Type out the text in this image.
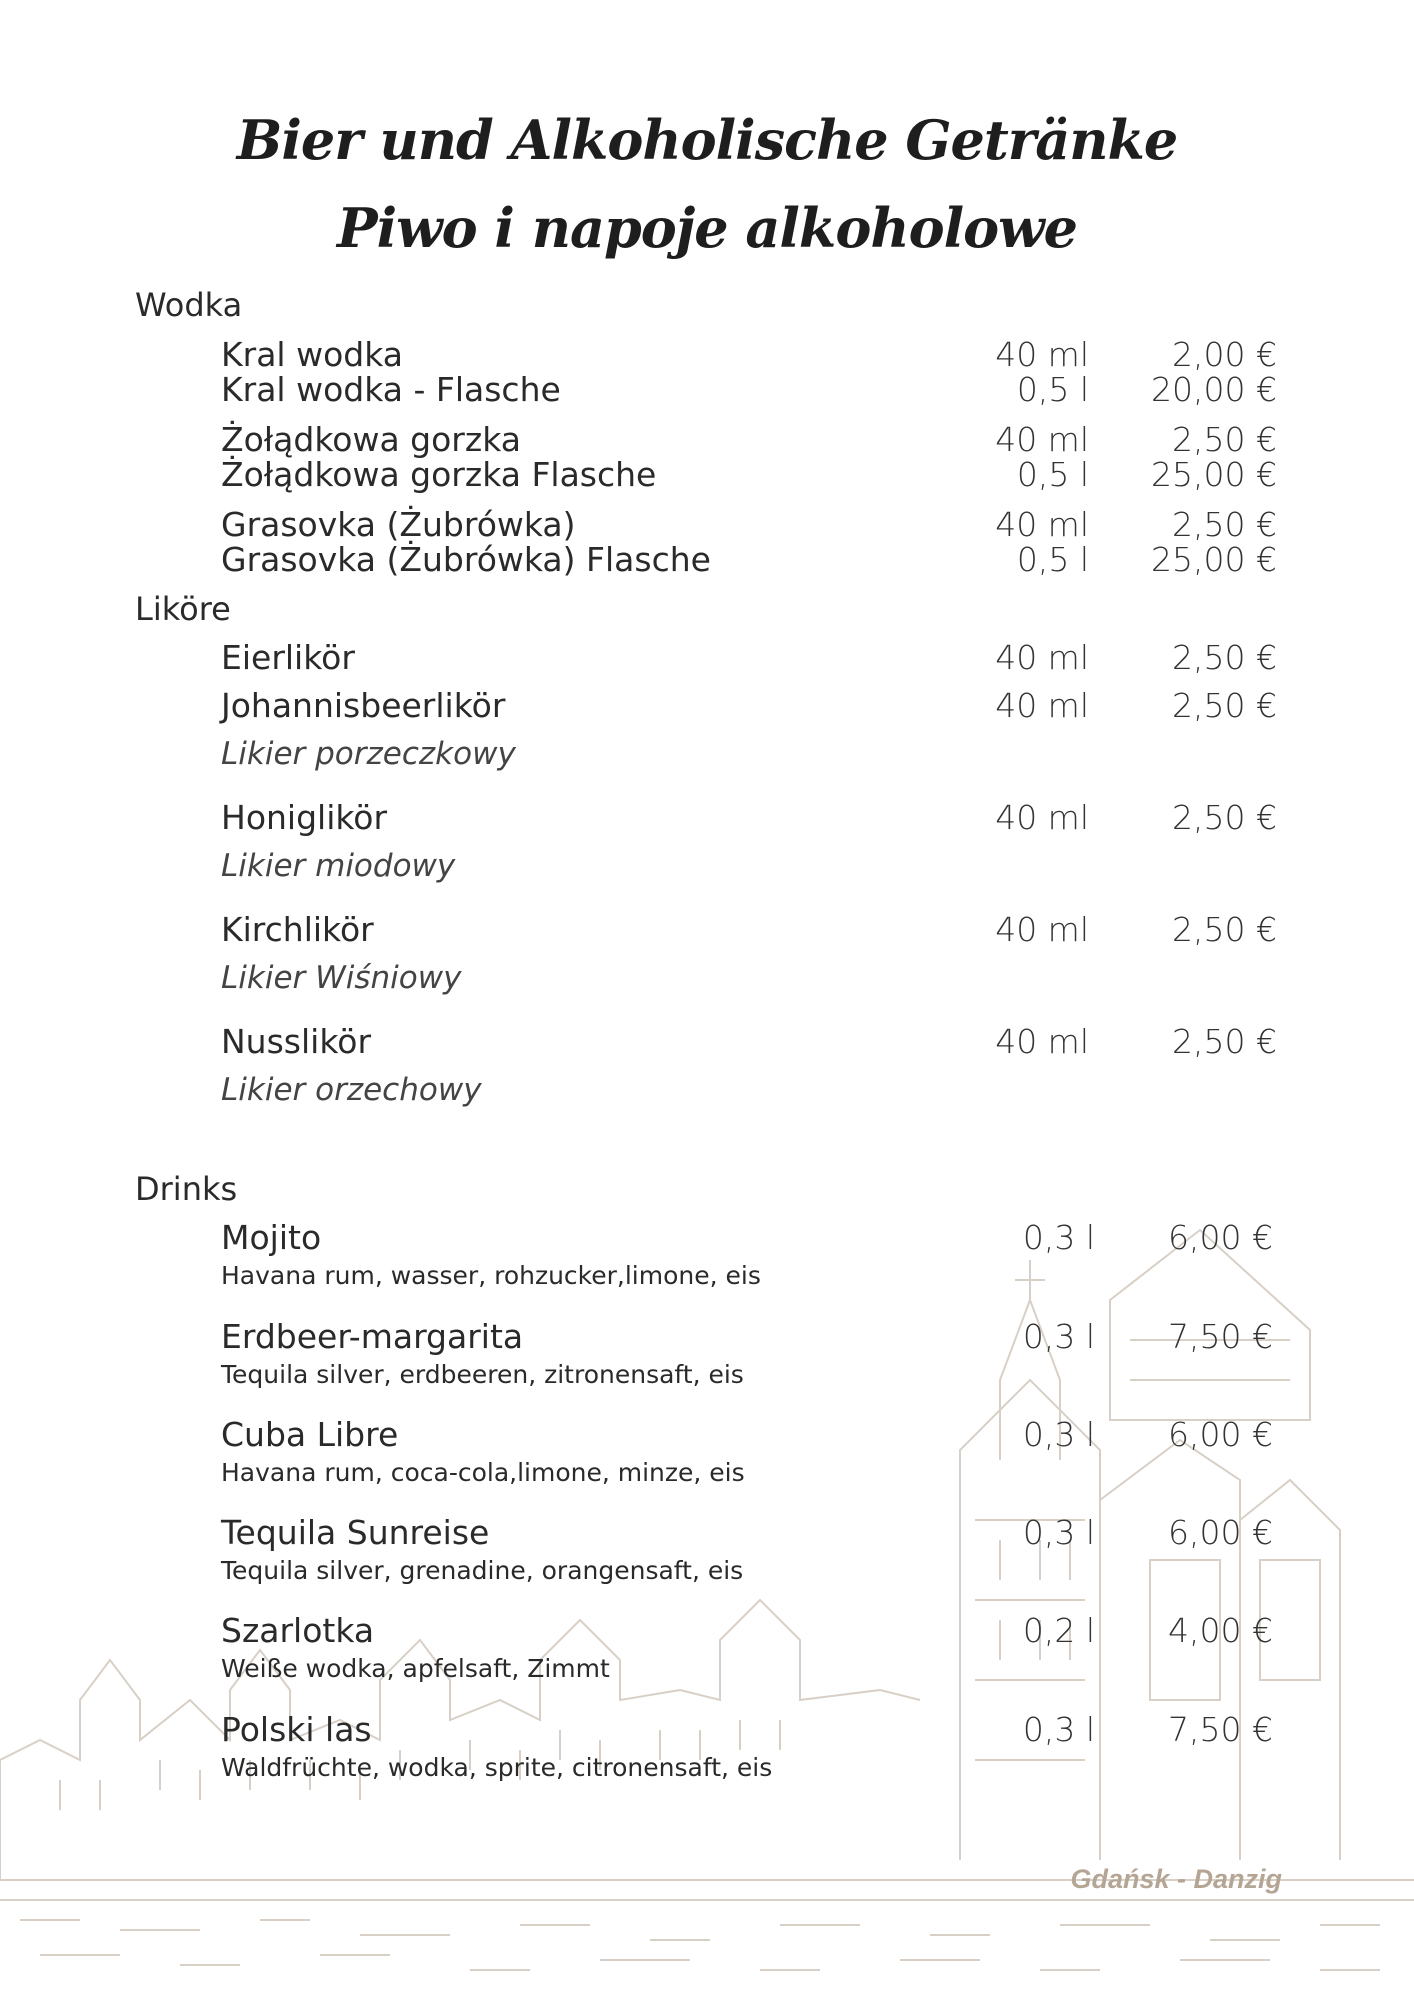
Bier und Alkoholische Getränke
Piwo i napoje alkoholowe
Wodka
Kral wodka	40 ml	2,00 €
Kral wodka - Flasche	0,5 l	20,00 €
Żołądkowa gorzka	40 ml	2,50 €
Żołądkowa gorzka Flasche	0,5 l	25,00 €
Grasovka (Żubrówka)	40 ml	2,50 €
Grasovka (Żubrówka) Flasche	0,5 l	25,00 €
Liköre
Eierlikör	40 ml	2,50 €
Johannisbeerlikör	40 ml	2,50 €
Likier porzeczkowy
Honiglikör	40 ml	2,50 €
Likier miodowy
Kirchlikör	40 ml	2,50 €
Likier Wiśniowy
Nusslikör	40 ml	2,50 €
Likier orzechowy
Drinks
Mojito	0,3 l	6,00 €
Havana rum, wasser, rohzucker,limone, eis
Erdbeer-margarita	0,3 l	7,50 €
Tequila silver, erdbeeren, zitronensaft, eis
Cuba Libre	0,3 l	6,00 €
Havana rum, coca-cola,limone, minze, eis
Tequila Sunreise	0,3 l	6,00 €
Tequila silver, grenadine, orangensaft, eis
Szarlotka	0,2 l	4,00 €
Weiße wodka, apfelsaft, Zimmt
Polski las	0,3 l	7,50 €
Waldfrüchte, wodka, sprite, citronensaft, eis
Gdańsk - Danzig
